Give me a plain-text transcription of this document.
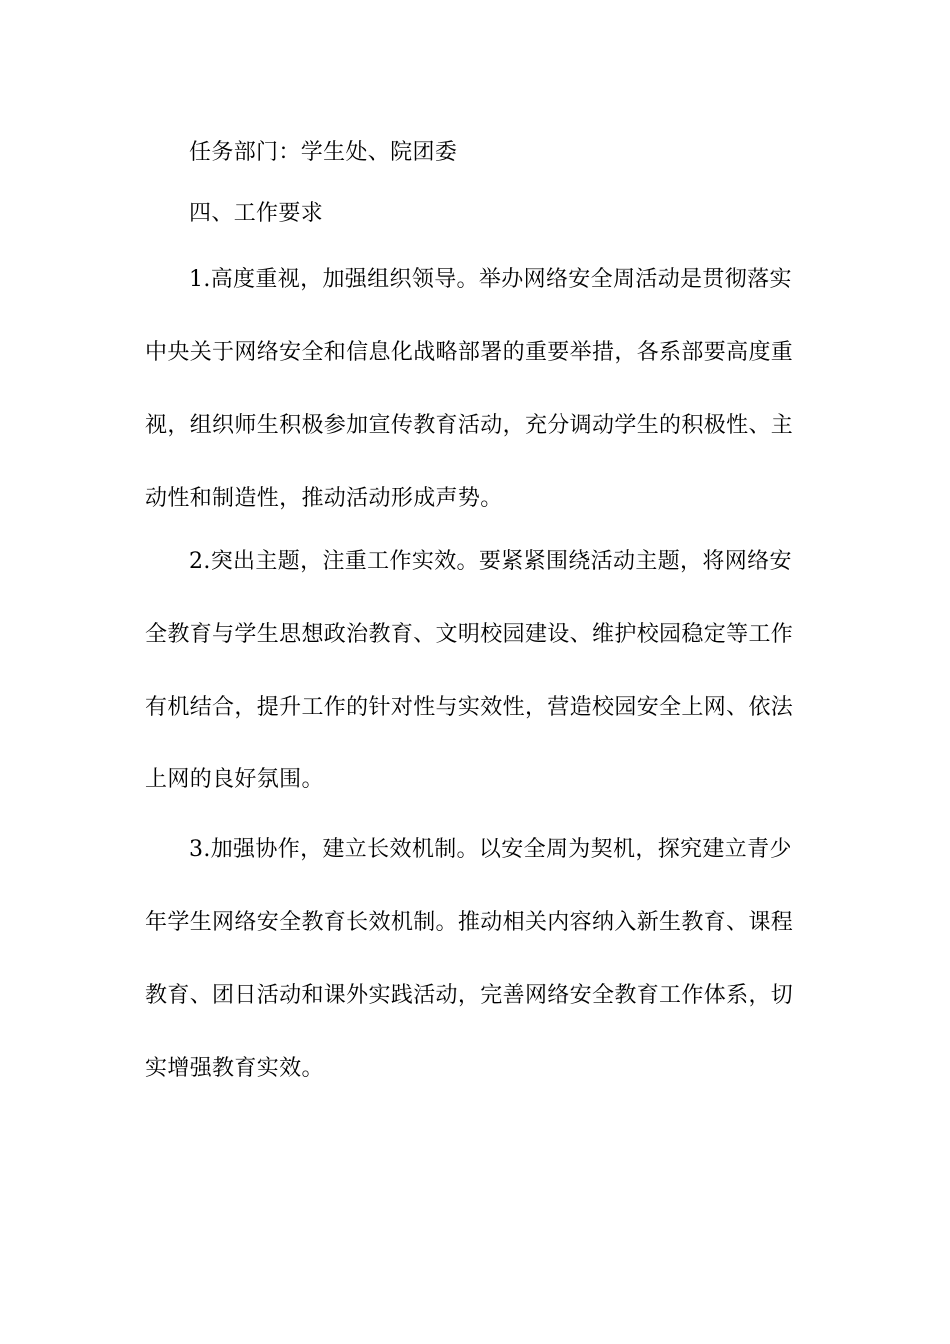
任务部门：学生处、院团委
四、工作要求
1.高度重视，加强组织领导。举办网络安全周活动是贯彻落实
中央关于网络安全和信息化战略部署的重要举措，各系部要高度重
视，组织师生积极参加宣传教育活动，充分调动学生的积极性、主
动性和制造性，推动活动形成声势。
2.突出主题，注重工作实效。要紧紧围绕活动主题，将网络安
全教育与学生思想政治教育、文明校园建设、维护校园稳定等工作
有机结合，提升工作的针对性与实效性，营造校园安全上网、依法
上网的良好氛围。
3.加强协作，建立长效机制。以安全周为契机，探究建立青少
年学生网络安全教育长效机制。推动相关内容纳入新生教育、课程
教育、团日活动和课外实践活动，完善网络安全教育工作体系，切
实增强教育实效。
